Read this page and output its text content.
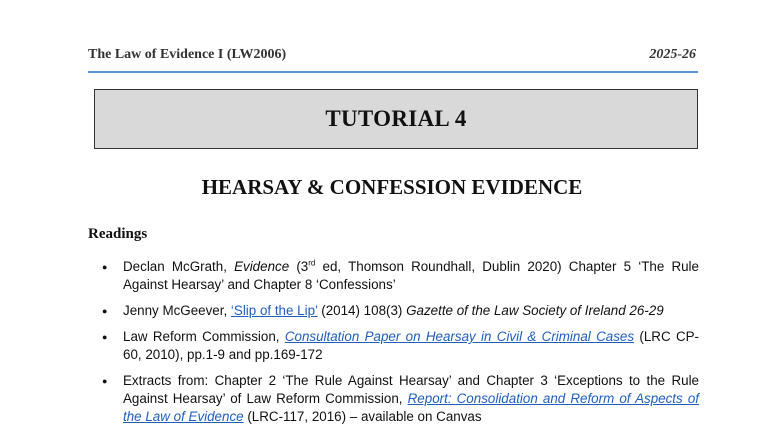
The Law of Evidence I (LW2006)	2025-26
TUTORIAL 4
HEARSAY & CONFESSION EVIDENCE
Readings
● Declan McGrath, Evidence (3rd ed, Thomson Roundhall, Dublin 2020) Chapter 5 ‘The Rule Against Hearsay’ and Chapter 8 ‘Confessions’
● Jenny McGeever, ‘Slip of the Lip’ (2014) 108(3) Gazette of the Law Society of Ireland 26-29
● Law Reform Commission, Consultation Paper on Hearsay in Civil & Criminal Cases (LRC CP- 60, 2010), pp.1-9 and pp.169-172
● Extracts from: Chapter 2 ‘The Rule Against Hearsay’ and Chapter 3 ‘Exceptions to the Rule Against Hearsay’ of Law Reform Commission, Report: Consolidation and Reform of Aspects of the Law of Evidence (LRC-117, 2016) – available on Canvas
